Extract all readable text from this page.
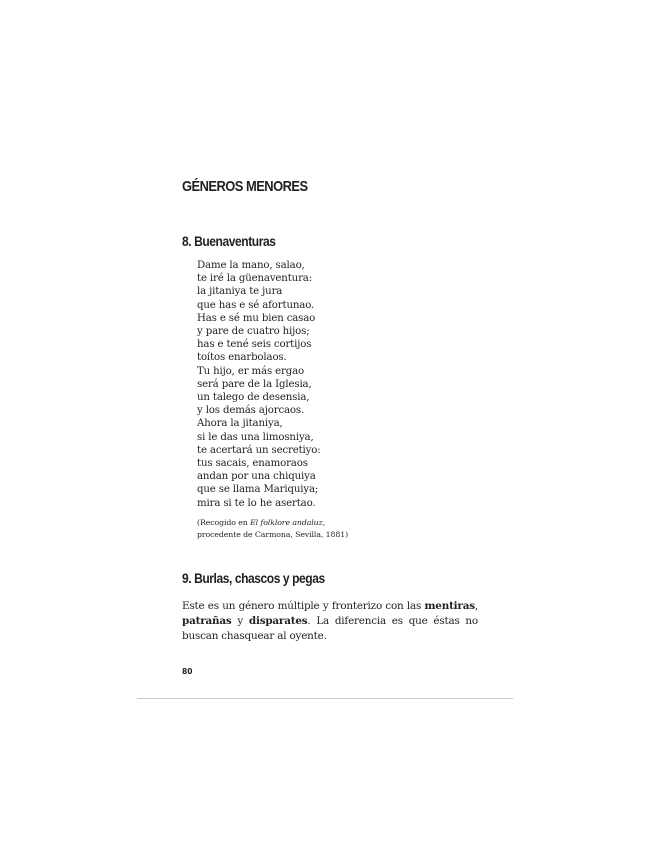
GÉNEROS MENORES
8. Buenaventuras
Dame la mano, salao,
te iré la güenaventura:
la jitaniya te jura
que has e sé afortunao.
Has e sé mu bien casao
y pare de cuatro hijos;
has e tené seis cortijos
toítos enarbolaos.
Tu hijo, er más ergao
será pare de la Iglesia,
un talego de desensia,
y los demás ajorcaos.
Ahora la jitaniya,
si le das una limosniya,
te acertará un secretiyo:
tus sacais, enamoraos
andan por una chiquiya
que se llama Mariquiya;
mira si te lo he asertao.
(Recogido en El folklore andaluz,
procedente de Carmona, Sevilla, 1881)
9. Burlas, chascos y pegas

Este es un género múltiple y fronterizo con las mentiras, patrañas y disparates. La diferencia es que éstas no buscan chasquear al oyente.

80
